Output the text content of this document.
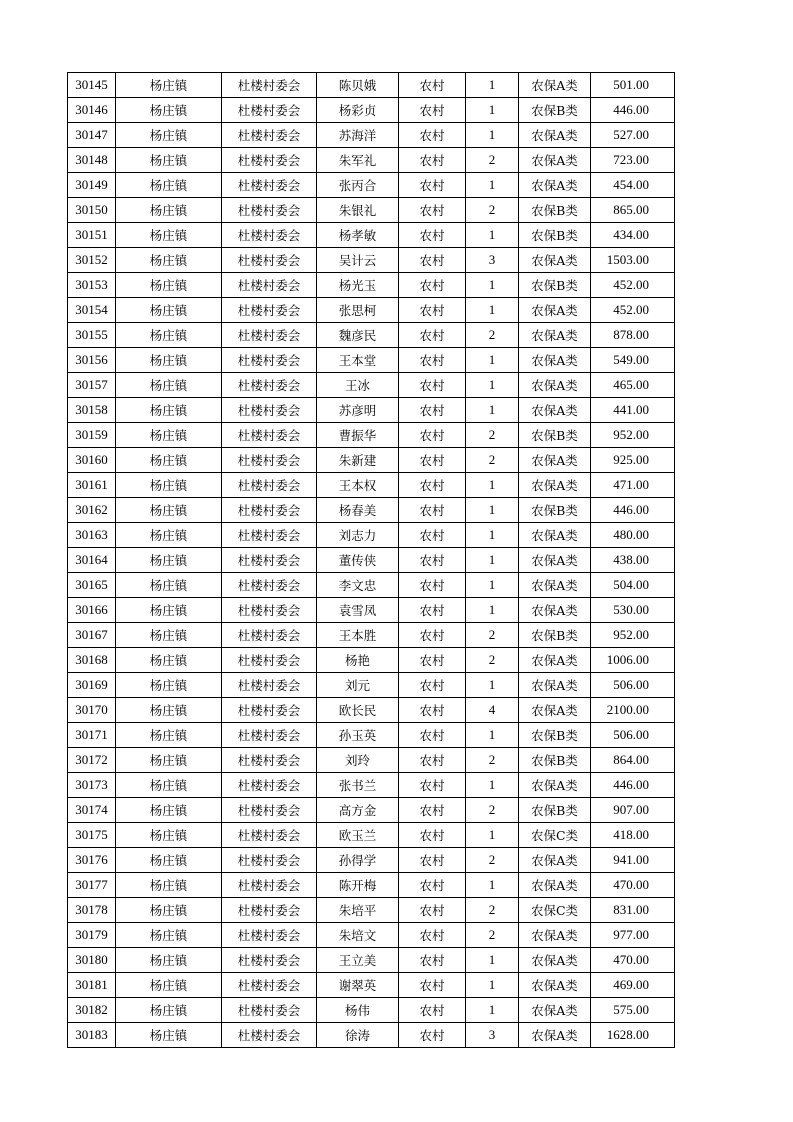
30145	杨庄镇	杜楼村委会	陈贝娥	农村	1	农保A类	501.00
30146	杨庄镇	杜楼村委会	杨彩贞	农村	1	农保B类	446.00
30147	杨庄镇	杜楼村委会	苏海洋	农村	1	农保A类	527.00
30148	杨庄镇	杜楼村委会	朱军礼	农村	2	农保A类	723.00
30149	杨庄镇	杜楼村委会	张丙合	农村	1	农保A类	454.00
30150	杨庄镇	杜楼村委会	朱银礼	农村	2	农保B类	865.00
30151	杨庄镇	杜楼村委会	杨孝敏	农村	1	农保B类	434.00
30152	杨庄镇	杜楼村委会	吴计云	农村	3	农保A类	1503.00
30153	杨庄镇	杜楼村委会	杨光玉	农村	1	农保B类	452.00
30154	杨庄镇	杜楼村委会	张思柯	农村	1	农保A类	452.00
30155	杨庄镇	杜楼村委会	魏彦民	农村	2	农保A类	878.00
30156	杨庄镇	杜楼村委会	王本堂	农村	1	农保A类	549.00
30157	杨庄镇	杜楼村委会	王冰	农村	1	农保A类	465.00
30158	杨庄镇	杜楼村委会	苏彦明	农村	1	农保A类	441.00
30159	杨庄镇	杜楼村委会	曹振华	农村	2	农保B类	952.00
30160	杨庄镇	杜楼村委会	朱新建	农村	2	农保A类	925.00
30161	杨庄镇	杜楼村委会	王本权	农村	1	农保A类	471.00
30162	杨庄镇	杜楼村委会	杨春美	农村	1	农保B类	446.00
30163	杨庄镇	杜楼村委会	刘志力	农村	1	农保A类	480.00
30164	杨庄镇	杜楼村委会	董传侠	农村	1	农保A类	438.00
30165	杨庄镇	杜楼村委会	李文忠	农村	1	农保A类	504.00
30166	杨庄镇	杜楼村委会	袁雪凤	农村	1	农保A类	530.00
30167	杨庄镇	杜楼村委会	王本胜	农村	2	农保B类	952.00
30168	杨庄镇	杜楼村委会	杨艳	农村	2	农保A类	1006.00
30169	杨庄镇	杜楼村委会	刘元	农村	1	农保A类	506.00
30170	杨庄镇	杜楼村委会	欧长民	农村	4	农保A类	2100.00
30171	杨庄镇	杜楼村委会	孙玉英	农村	1	农保B类	506.00
30172	杨庄镇	杜楼村委会	刘玲	农村	2	农保B类	864.00
30173	杨庄镇	杜楼村委会	张书兰	农村	1	农保A类	446.00
30174	杨庄镇	杜楼村委会	高方金	农村	2	农保B类	907.00
30175	杨庄镇	杜楼村委会	欧玉兰	农村	1	农保C类	418.00
30176	杨庄镇	杜楼村委会	孙得学	农村	2	农保A类	941.00
30177	杨庄镇	杜楼村委会	陈开梅	农村	1	农保A类	470.00
30178	杨庄镇	杜楼村委会	朱培平	农村	2	农保C类	831.00
30179	杨庄镇	杜楼村委会	朱培文	农村	2	农保A类	977.00
30180	杨庄镇	杜楼村委会	王立美	农村	1	农保A类	470.00
30181	杨庄镇	杜楼村委会	谢翠英	农村	1	农保A类	469.00
30182	杨庄镇	杜楼村委会	杨伟	农村	1	农保A类	575.00
30183	杨庄镇	杜楼村委会	徐涛	农村	3	农保A类	1628.00
